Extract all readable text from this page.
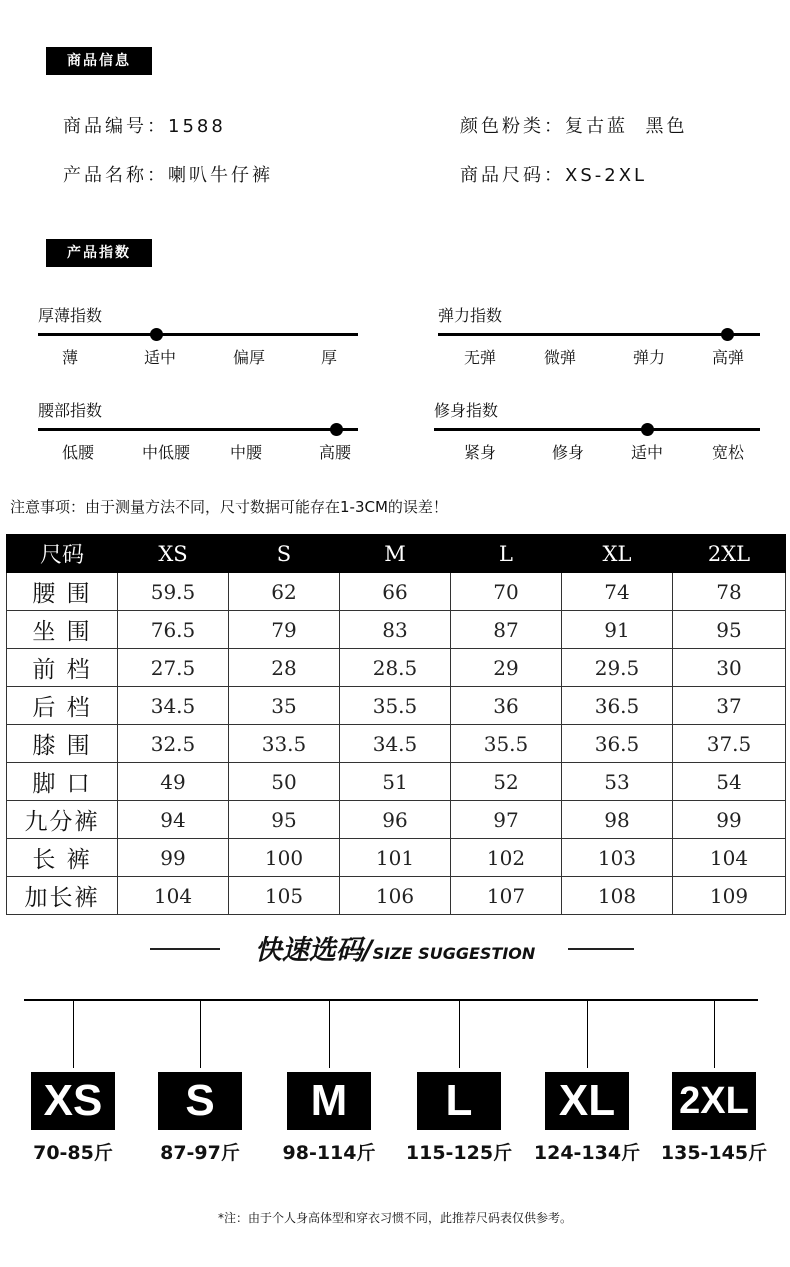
商品信息
商品编号：1588
产品名称：喇叭牛仔裤
颜色粉类：复古蓝  黑色
商品尺码：XS-2XL
产品指数
厚薄指数
薄	适中	偏厚	厚
弹力指数
无弹	微弹	弹力	高弹
腰部指数
低腰	中低腰 中腰	高腰
修身指数
紧身	修身	适中	宽松
注意事项：由于测量方法不同，尺寸数据可能存在1-3CM的误差！
尺码	XS	S	M	L	XL	2XL
腰 围	59.5	62	66	70	74	78
坐 围	76.5	79	83	87	91	95
前 档	27.5	28	28.5	29	29.5	30
后 档	34.5	35	35.5	36	36.5	37
膝 围	32.5	33.5	34.5	35.5	36.5	37.5
脚 口	49	50	51	52	53	54
九分裤	94	95	96	97	98	99
长 裤	99	100	101	102	103	104
加长裤	104	105	106	107	108	109
快速选码/SIZE SUGGESTION
XS
70-85斤
S
87-97斤
M
98-114斤
L
115-125斤
XL
124-134斤
2XL
135-145斤
*注：由于个人身高体型和穿衣习惯不同，此推荐尺码表仅供参考。
